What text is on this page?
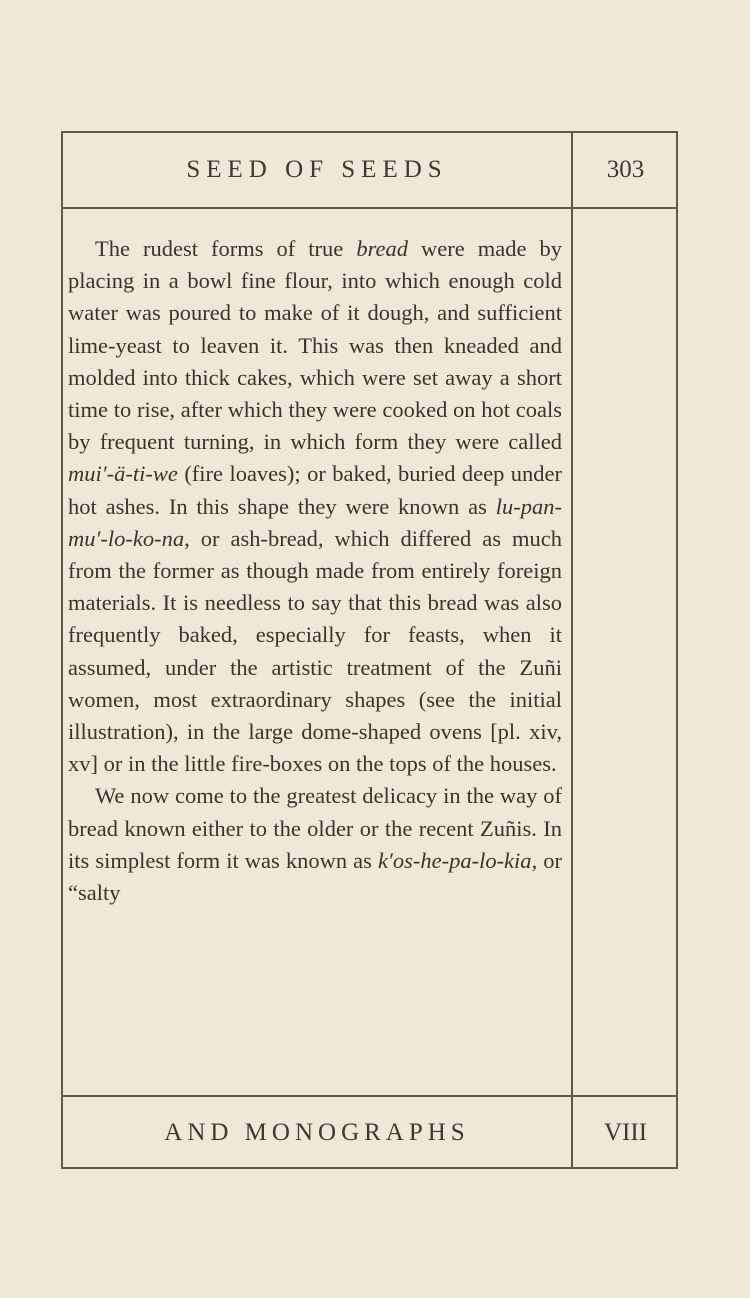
SEED OF SEEDS	303

The rudest forms of true bread were made by placing in a bowl fine flour, into which enough cold water was poured to make of it dough, and sufficient lime-yeast to leaven it. This was then kneaded and molded into thick cakes, which were set away a short time to rise, after which they were cooked on hot coals by frequent turning, in which form they were called mui′-ä-ti-we (fire loaves); or baked, buried deep under hot ashes. In this shape they were known as lu-pan-mu′-lo-ko-na, or ash-bread, which differed as much from the former as though made from entirely foreign materials. It is needless to say that this bread was also frequently baked, especially for feasts, when it assumed, under the artistic treatment of the Zuñi women, most extraordinary shapes (see the initial illustration), in the large dome-shaped ovens [pl. xiv, xv] or in the little fire-boxes on the tops of the houses.

We now come to the greatest delicacy in the way of bread known either to the older or the recent Zuñis. In its simplest form it was known as k′os-he-pa-lo-kia, or “salty

AND MONOGRAPHS	VIII
